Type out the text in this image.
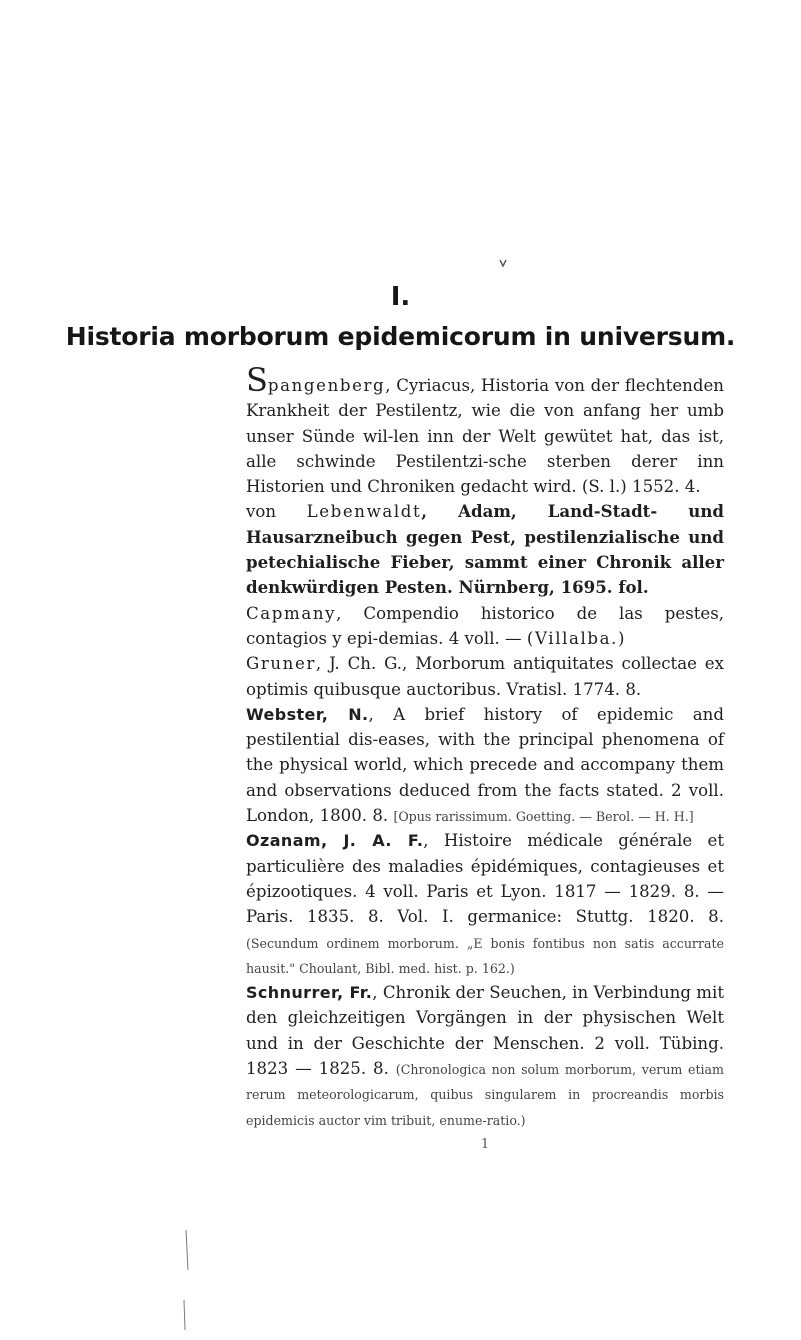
I.
Historia morborum epidemicorum in universum.

Spangenberg, Cyriacus, Historia von der flechtenden Krankheit der Pestilentz, wie die von anfang her umb unser Sünde wil-len inn der Welt gewütet hat, das ist, alle schwinde Pestilentzi-sche sterben derer inn Historien und Chroniken gedacht wird. (S. l.) 1552. 4.

von Lebenwaldt, Adam, Land-Stadt- und Hausarzneibuch gegen Pest, pestilenzialische und petechialische Fieber, sammt einer Chronik aller denkwürdigen Pesten. Nürnberg, 1695. fol.

Capmany, Compendio historico de las pestes, contagios y epi-demias. 4 voll. — (Villalba.)

Gruner, J. Ch. G., Morborum antiquitates collectae ex optimis quibusque auctoribus. Vratisl. 1774. 8.

Webster, N., A brief history of epidemic and pestilential dis-eases, with the principal phenomena of the physical world, which precede and accompany them and observations deduced from the facts stated. 2 voll. London, 1800. 8. [Opus rarissimum. Goetting. — Berol. — H. H.]

Ozanam, J. A. F., Histoire médicale générale et particulière des maladies épidémiques, contagieuses et épizootiques. 4 voll. Paris et Lyon. 1817 — 1829. 8. — Paris. 1835. 8. Vol. I. germanice: Stuttg. 1820. 8. (Secundum ordinem morborum. „E bonis fontibus non satis accurrate hausit." Choulant, Bibl. med. hist. p. 162.)

Schnurrer, Fr., Chronik der Seuchen, in Verbindung mit den gleichzeitigen Vorgängen in der physischen Welt und in der Geschichte der Menschen. 2 voll. Tübing. 1823 — 1825. 8. (Chronologica non solum morborum, verum etiam rerum meteorologicarum, quibus singularem in procreandis morbis epidemicis auctor vim tribuit, enume-ratio.)

1
